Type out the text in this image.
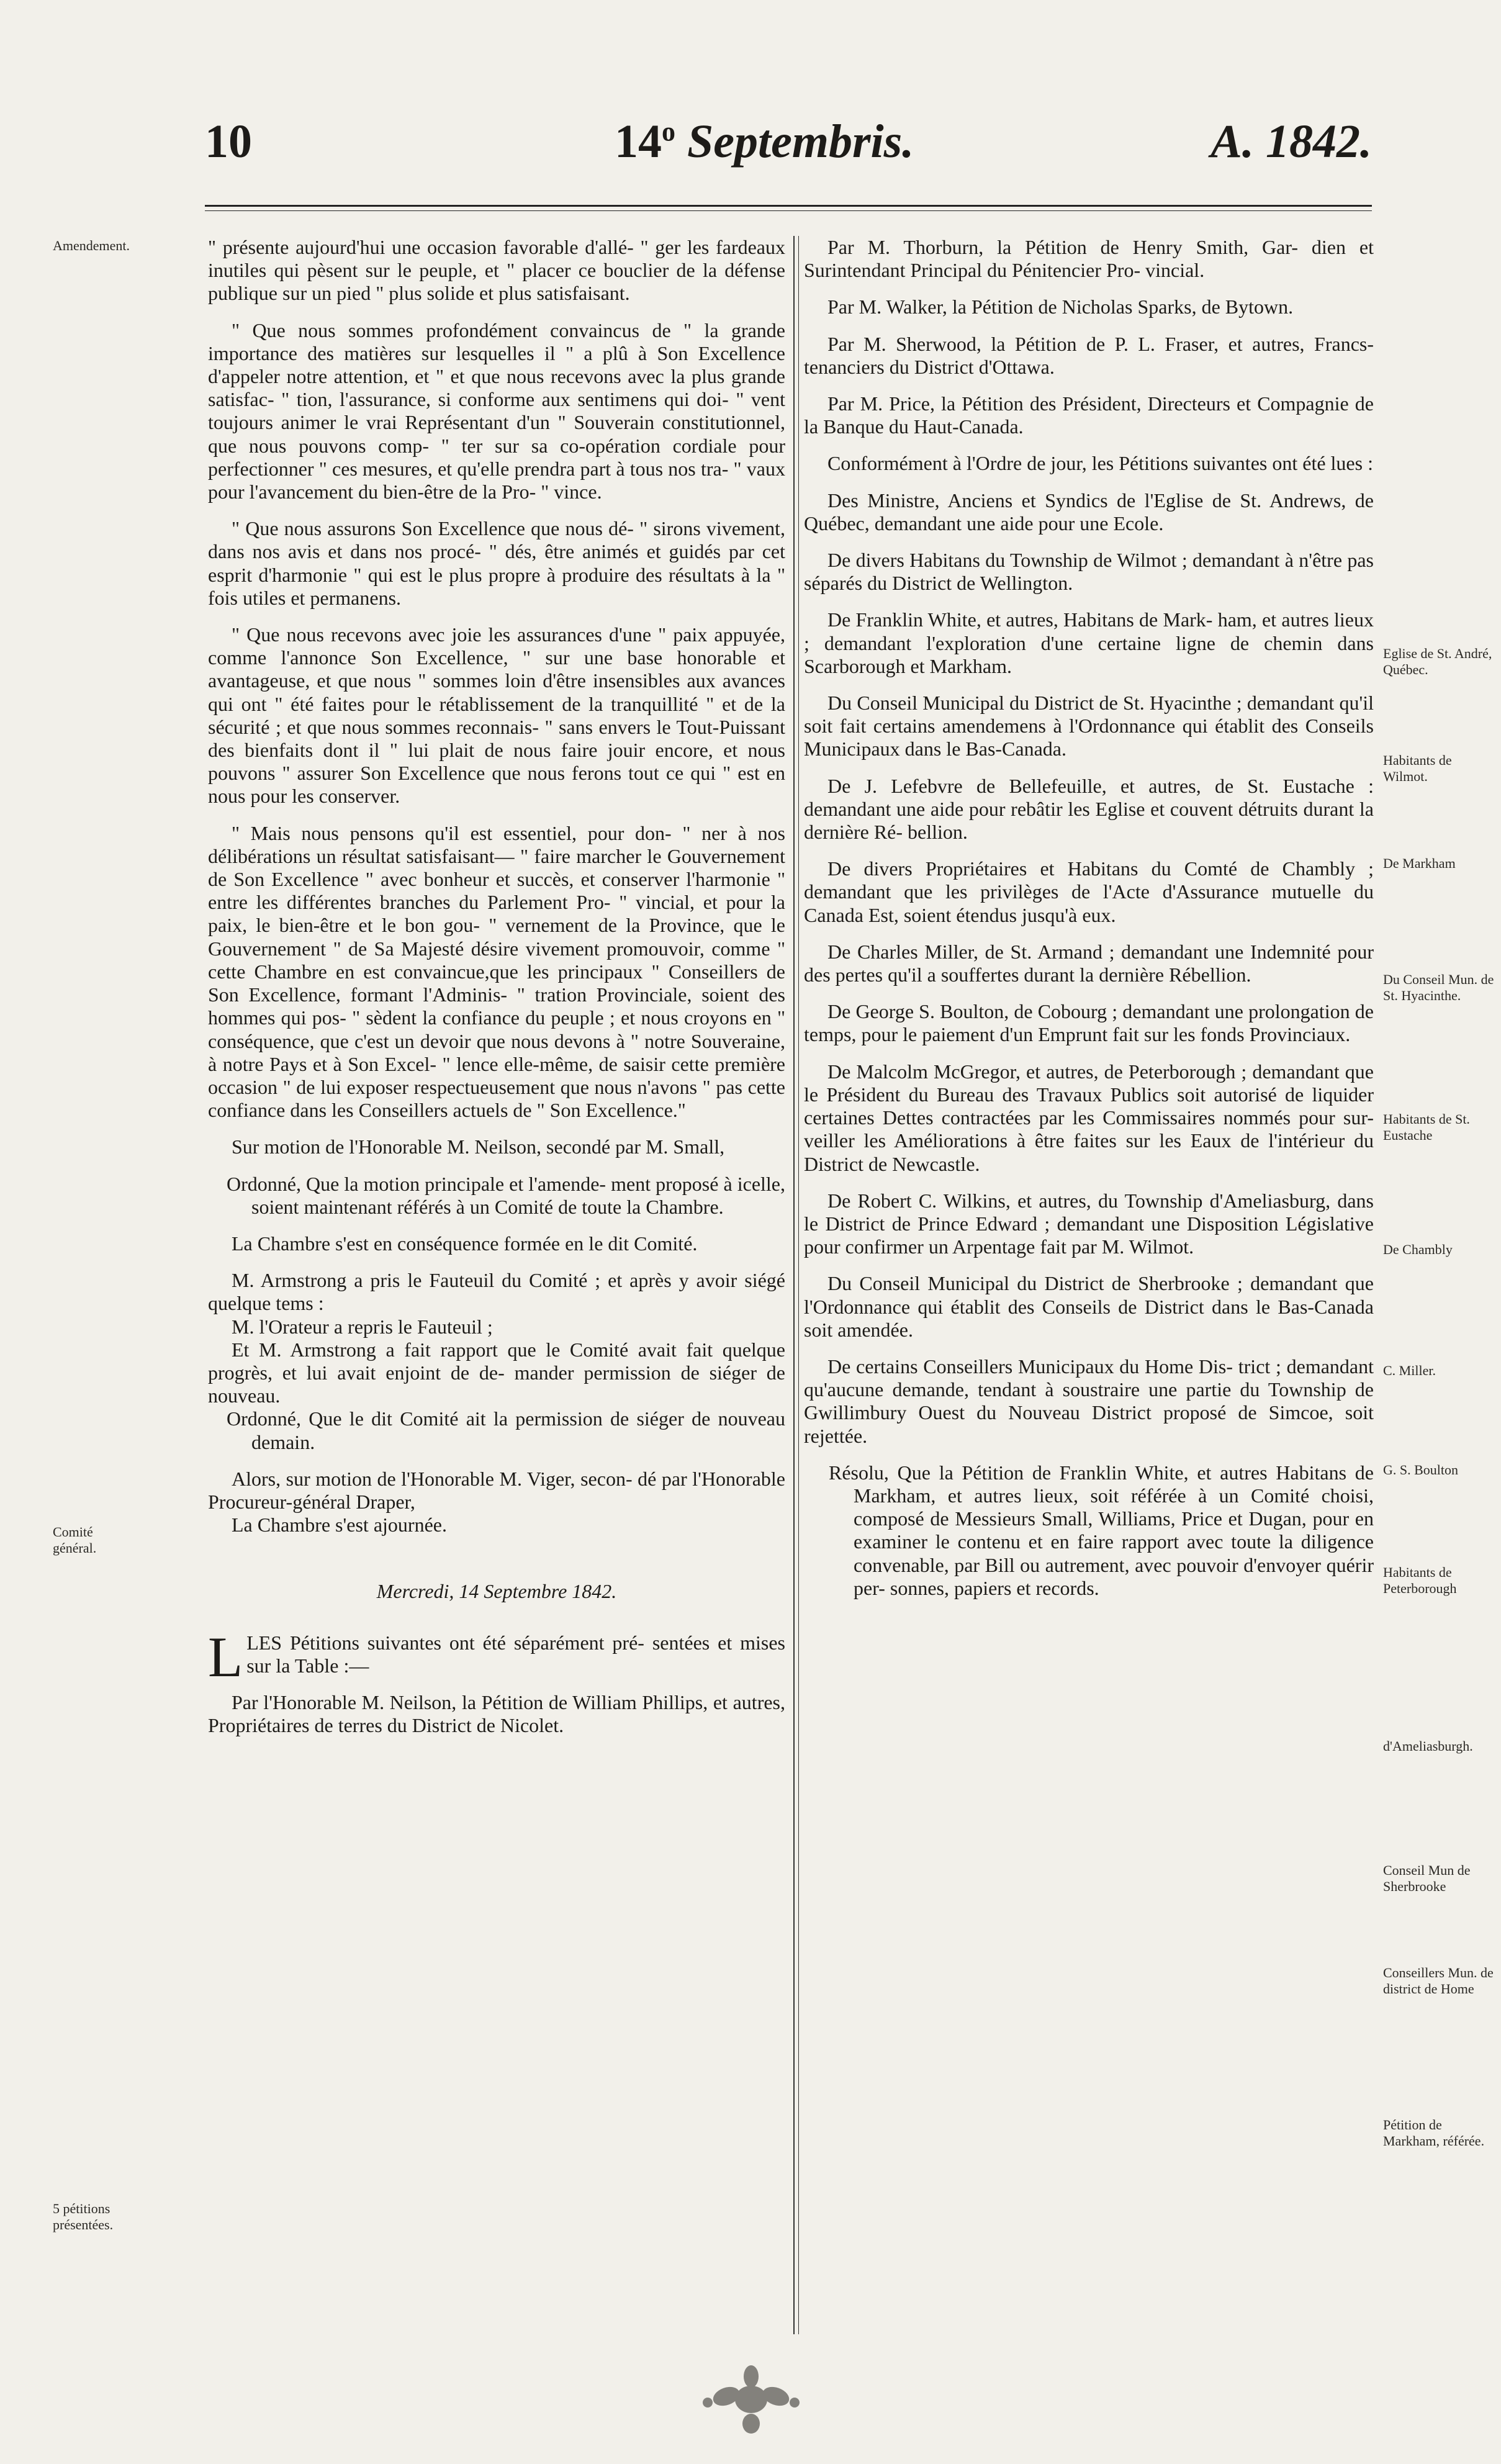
10	14$^o$ Septembris.	A. 1842.
Amendement.
Comité général.
5 pétitions présentées.

" présente aujourd'hui une occasion favorable d'allé- " ger les fardeaux inutiles qui pèsent sur le peuple, et " placer ce bouclier de la défense publique sur un pied " plus solide et plus satisfaisant.

" Que nous sommes profondément convaincus de " la grande importance des matières sur lesquelles il " a plû à Son Excellence d'appeler notre attention, et " et que nous recevons avec la plus grande satisfac- " tion, l'assurance, si conforme aux sentimens qui doi- " vent toujours animer le vrai Représentant d'un " Souverain constitutionnel, que nous pouvons comp- " ter sur sa co-opération cordiale pour perfectionner " ces mesures, et qu'elle prendra part à tous nos tra- " vaux pour l'avancement du bien-être de la Pro- " vince.

" Que nous assurons Son Excellence que nous dé- " sirons vivement, dans nos avis et dans nos procé- " dés, être animés et guidés par cet esprit d'harmonie " qui est le plus propre à produire des résultats à la " fois utiles et permanens.

" Que nous recevons avec joie les assurances d'une " paix appuyée, comme l'annonce Son Excellence, " sur une base honorable et avantageuse, et que nous " sommes loin d'être insensibles aux avances qui ont " été faites pour le rétablissement de la tranquillité " et de la sécurité ; et que nous sommes reconnais- " sans envers le Tout-Puissant des bienfaits dont il " lui plait de nous faire jouir encore, et nous pouvons " assurer Son Excellence que nous ferons tout ce qui " est en nous pour les conserver.

" Mais nous pensons qu'il est essentiel, pour don- " ner à nos délibérations un résultat satisfaisant— " faire marcher le Gouvernement de Son Excellence " avec bonheur et succès, et conserver l'harmonie " entre les différentes branches du Parlement Pro- " vincial, et pour la paix, le bien-être et le bon gou- " vernement de la Province, que le Gouvernement " de Sa Majesté désire vivement promouvoir, comme " cette Chambre en est convaincue,que les principaux " Conseillers de Son Excellence, formant l'Adminis- " tration Provinciale, soient des hommes qui pos- " sèdent la confiance du peuple ; et nous croyons en " conséquence, que c'est un devoir que nous devons à " notre Souveraine, à notre Pays et à Son Excel- " lence elle-même, de saisir cette première occasion " de lui exposer respectueusement que nous n'avons " pas cette confiance dans les Conseillers actuels de " Son Excellence."

Sur motion de l'Honorable M. Neilson, secondé par M. Small,

Ordonné, Que la motion principale et l'amende- ment proposé à icelle, soient maintenant référés à un Comité de toute la Chambre.

La Chambre s'est en conséquence formée en le dit Comité.

M. Armstrong a pris le Fauteuil du Comité ; et après y avoir siégé quelque tems :

M. l'Orateur a repris le Fauteuil ;

Et M. Armstrong a fait rapport que le Comité avait fait quelque progrès, et lui avait enjoint de de- mander permission de siéger de nouveau.

Ordonné, Que le dit Comité ait la permission de siéger de nouveau demain.

Alors, sur motion de l'Honorable M. Viger, secon- dé par l'Honorable Procureur-général Draper,

La Chambre s'est ajournée.

Mercredi, 14 Septembre 1842.

LLES Pétitions suivantes ont été séparément pré- sentées et mises sur la Table :—

Par l'Honorable M. Neilson, la Pétition de William Phillips, et autres, Propriétaires de terres du District de Nicolet.

Par M. Thorburn, la Pétition de Henry Smith, Gar- dien et Surintendant Principal du Pénitencier Pro- vincial.

Par M. Walker, la Pétition de Nicholas Sparks, de Bytown.

Par M. Sherwood, la Pétition de P. L. Fraser, et autres, Francs-tenanciers du District d'Ottawa.

Par M. Price, la Pétition des Président, Directeurs et Compagnie de la Banque du Haut-Canada.

Conformément à l'Ordre de jour, les Pétitions suivantes ont été lues :

Des Ministre, Anciens et Syndics de l'Eglise de St. Andrews, de Québec, demandant une aide pour une Ecole.

De divers Habitans du Township de Wilmot ; demandant à n'être pas séparés du District de Wellington.

De Franklin White, et autres, Habitans de Mark- ham, et autres lieux ; demandant l'exploration d'une certaine ligne de chemin dans Scarborough et Markham.

Du Conseil Municipal du District de St. Hyacinthe ; demandant qu'il soit fait certains amendemens à l'Ordonnance qui établit des Conseils Municipaux dans le Bas-Canada.

De J. Lefebvre de Bellefeuille, et autres, de St. Eustache : demandant une aide pour rebâtir les Eglise et couvent détruits durant la dernière Ré- bellion.

De divers Propriétaires et Habitans du Comté de Chambly ; demandant que les privilèges de l'Acte d'Assurance mutuelle du Canada Est, soient étendus jusqu'à eux.

De Charles Miller, de St. Armand ; demandant une Indemnité pour des pertes qu'il a souffertes durant la dernière Rébellion.

De George S. Boulton, de Cobourg ; demandant une prolongation de temps, pour le paiement d'un Emprunt fait sur les fonds Provinciaux.

De Malcolm McGregor, et autres, de Peterborough ; demandant que le Président du Bureau des Travaux Publics soit autorisé de liquider certaines Dettes contractées par les Commissaires nommés pour sur- veiller les Améliorations à être faites sur les Eaux de l'intérieur du District de Newcastle.

De Robert C. Wilkins, et autres, du Township d'Ameliasburg, dans le District de Prince Edward ; demandant une Disposition Législative pour confirmer un Arpentage fait par M. Wilmot.

Du Conseil Municipal du District de Sherbrooke ; demandant que l'Ordonnance qui établit des Conseils de District dans le Bas-Canada soit amendée.

De certains Conseillers Municipaux du Home Dis- trict ; demandant qu'aucune demande, tendant à soustraire une partie du Township de Gwillimbury Ouest du Nouveau District proposé de Simcoe, soit rejettée.

Résolu, Que la Pétition de Franklin White, et autres Habitans de Markham, et autres lieux, soit référée à un Comité choisi, composé de Messieurs Small, Williams, Price et Dugan, pour en examiner le contenu et en faire rapport avec toute la diligence convenable, par Bill ou autrement, avec pouvoir d'envoyer quérir per- sonnes, papiers et records.

Eglise de St. André, Québec.
Habitants de Wilmot.
De Markham
Du Conseil Mun. de St. Hyacinthe.
Habitants de St. Eustache
De Chambly
C. Miller.
G. S. Boulton
Habitants de Peterborough
d'Ameliasburgh.
Conseil Mun de Sherbrooke
Conseillers Mun. de district de Home
Pétition de Markham, référée.
